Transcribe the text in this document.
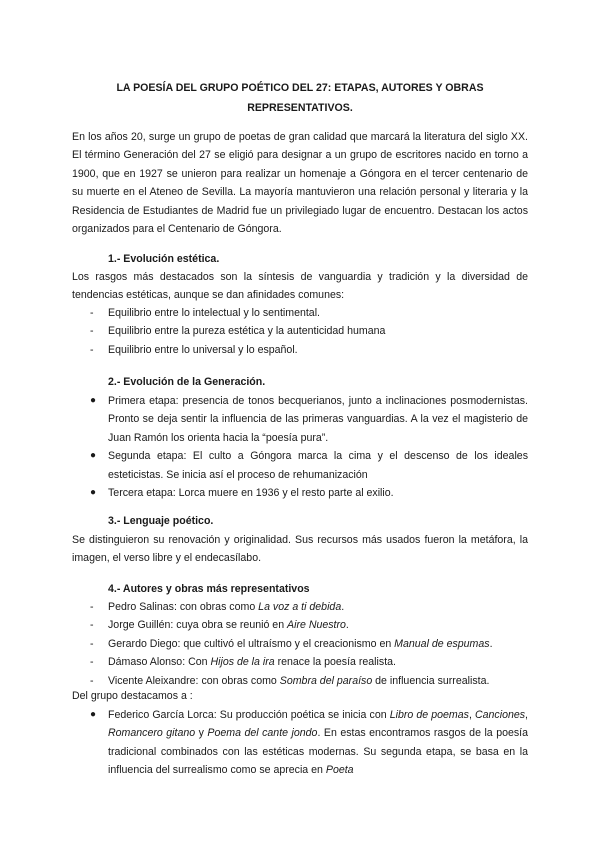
LA POESÍA DEL GRUPO POÉTICO DEL 27: ETAPAS, AUTORES Y OBRAS
REPRESENTATIVOS.

En los años 20, surge un grupo de poetas de gran calidad que marcará la literatura del siglo XX. El término Generación del 27 se eligió para designar a un grupo de escritores nacido en torno a 1900, que en 1927 se unieron para realizar un homenaje a Góngora en el tercer centenario de su muerte en el Ateneo de Sevilla. La mayoría mantuvieron una relación personal y literaria y la Residencia de Estudiantes de Madrid fue un privilegiado lugar de encuentro. Destacan los actos organizados para el Centenario de Góngora.

1.- Evolución estética.

Los rasgos más destacados son la síntesis de vanguardia y tradición y la diversidad de tendencias estéticas, aunque se dan afinidades comunes:

- Equilibrio entre lo intelectual y lo sentimental.
- Equilibrio entre la pureza estética y la autenticidad humana
- Equilibrio entre lo universal y lo español.
2.- Evolución de la Generación.
● Primera etapa: presencia de tonos becquerianos, junto a inclinaciones posmodernistas. Pronto se deja sentir la influencia de las primeras vanguardias. A la vez el magisterio de Juan Ramón los orienta hacia la “poesía pura”.
● Segunda etapa: El culto a Góngora marca la cima y el descenso de los ideales esteticistas. Se inicia así el proceso de rehumanización
● Tercera etapa: Lorca muere en 1936 y el resto parte al exilio.
3.- Lenguaje poético.

Se distinguieron su renovación y originalidad. Sus recursos más usados fueron la metáfora, la imagen, el verso libre y el endecasílabo.

4.- Autores y obras más representativos
- Pedro Salinas: con obras como La voz a ti debida.
- Jorge Guillén: cuya obra se reunió en Aire Nuestro.
- Gerardo Diego: que cultivó el ultraísmo y el creacionismo en Manual de espumas.
- Dámaso Alonso: Con Hijos de la ira renace la poesía realista.
- Vicente Aleixandre: con obras como Sombra del paraíso de influencia surrealista.

Del grupo destacamos a :

● Federico García Lorca: Su producción poética se inicia con Libro de poemas, Canciones, Romancero gitano y Poema del cante jondo. En estas encontramos rasgos de la poesía tradicional combinados con las estéticas modernas. Su segunda etapa, se basa en la influencia del surrealismo como se aprecia en Poeta
